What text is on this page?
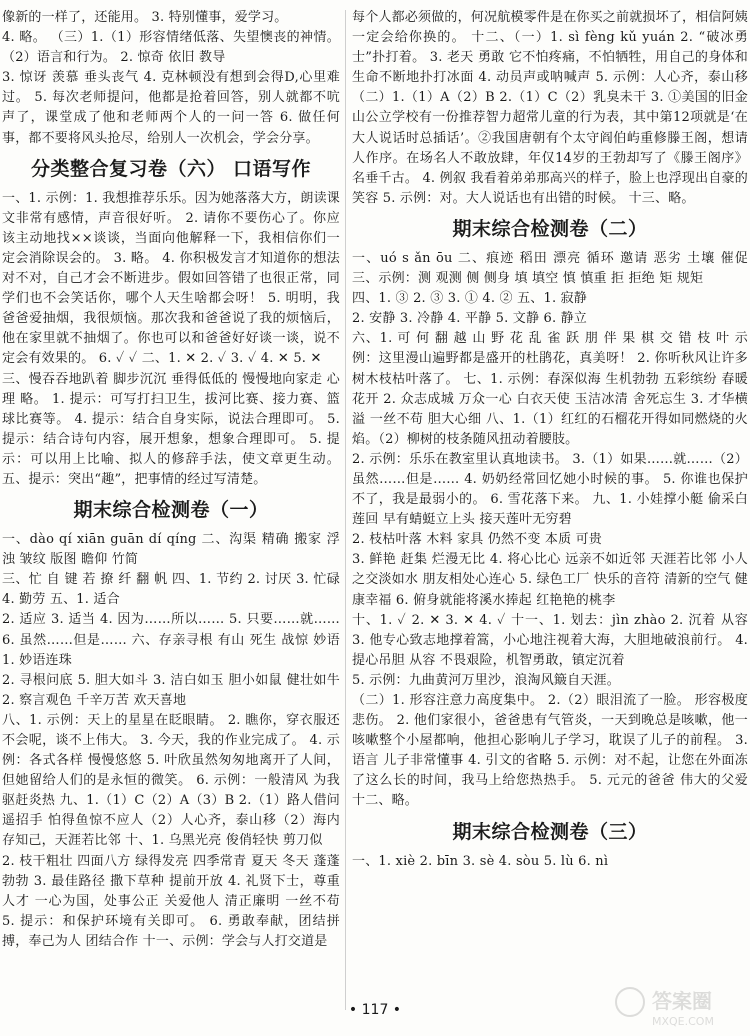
像新的一样了，还能用。 3. 特别懂事，爱学习。

4. 略。 （三）1.（1）形容情绪低落、失望懊丧的神情。（2）语言和行为。 2. 惊奇 依旧 教导

3. 惊讶 羡慕 垂头丧气 4. 克林顿没有想到会得D,心里难过。 5. 每次老师提问，他都是抢着回答，别人就都不吭声了，课堂成了他和老师两个人的一问一答 6. 做任何事，都不要将风头抢尽，给别人一次机会，学会分享。

分类整合复习卷（六） 口语写作

一、1. 示例：1. 我想推荐乐乐。因为她落落大方，朗读课文非常有感情，声音很好听。 2. 请你不要伤心了。你应该主动地找××谈谈，当面向他解释一下，我相信你们一定会消除误会的。 3. 略。 4. 你积极发言才知道你的想法对不对，自己才会不断进步。假如回答错了也很正常，同学们也不会笑话你，哪个人天生啥都会呀！ 5. 明明，我爸爸爱抽烟，我很烦恼。那次我和爸爸说了我的烦恼后，他在家里就不抽烟了。你也可以和爸爸好好谈一谈，说不定会有效果的。 6. ✓ ✓ 二、1. ✕ 2. ✓ 3. ✓ 4. ✕ 5. ✕

三、慢吞吞地趴着 脚步沉沉 垂得低低的 慢慢地向家走 心理 略。 1. 提示：可写打扫卫生，拔河比赛、接力赛、篮球比赛等。 4. 提示：结合自身实际，说法合理即可。 5. 提示：结合诗句内容，展开想象，想象合理即可。 5. 提示：可以用上比喻、拟人的修辞手法，使文章更生动。 五、提示：突出“趣”，把事情的经过写清楚。

期末综合检测卷（一）

一、dào qí xiān guān dí qíng 二、沟渠 精确 搬家 浮浊 皱纹 版图 瞻仰 竹简

三、忙 自 键 若 撩 纤 翻 帆 四、1. 节约 2. 讨厌 3. 忙碌 4. 勤劳 五、1. 适合

2. 适应 3. 适当 4. 因为……所以…… 5. 只要……就…… 6. 虽然……但是…… 六、存亲寻根 有山 死生 战惊 妙语 1. 妙语连珠

2. 寻根问底 5. 胆大如斗 3. 洁白如玉 胆小如鼠 健壮如牛 2. 察言观色 千辛万苦 欢天喜地

八、1. 示例：天上的星星在眨眼睛。 2. 瞧你，穿衣服还不会呢，谈不上伟大。 3. 今天，我的作业完成了。 4. 示例：各式各样 慢慢悠悠 5. 叶欣虽然匆匆地离开了人间，但她留给人们的是永恒的微笑。 6. 示例：一般清风 为我驱赶炎热 九、1.（1）C（2）A（3）B 2.（1）路人借问遥招手 怕得鱼惊不应人（2）人心齐，泰山移（2）海内存知己，天涯若比邻 十、1. 乌黑光亮 俊俏轻快 剪刀似

2. 枝干粗壮 四面八方 绿得发亮 四季常青 夏天 冬天 蓬蓬勃勃 3. 最佳路径 撒下草种 提前开放 4. 礼贤下士，尊重人才 一心为国，处事公正 关爱他人 清正廉明 一丝不苟 5. 提示：和保护环境有关即可。 6. 勇敢奉献，团结拼搏，奉己为人 团结合作 十一、示例：学会与人打交道是

每个人都必须做的，何况航模零件是在你买之前就损坏了，相信阿姨一定会给你换的。 十二、（一）1. sì fèng kǔ yuán 2. “破冰勇士”扑打着。 3. 老天 勇敢 它不怕疼痛，不怕牺牲，用自己的身体和生命不断地扑打冰面 4. 动员声或呐喊声 5. 示例：人心齐，泰山移（二）1.（1）A（2）B 2.（1）C（2）乳臭未干 3. ①美国的旧金山公立学校有一份推荐智力超常儿童的行为表，其中第12项就是‘在大人说话时总插话’。②我国唐朝有个太守阎伯屿重修滕王阁，想请人作序。在场名人不敢放肆，年仅14岁的王勃却写了《滕王阁序》名垂千古。 4. 例叙 我看着弟弟那高兴的样子，脸上也浮现出自豪的笑容 5. 示例：对。大人说话也有出错的时候。 十三、略。

期末综合检测卷（二）

一、uó s ǎn ōu 二、痕迹 稻田 漂亮 循环 邀请 恶劣 土壤 催促 三、示例：测 观测 侧 侧身 填 填空 慎 慎重 拒 拒绝 矩 规矩

四、1. ③ 2. ③ 3. ① 4. ② 五、1. 寂静

2. 安静 3. 冷静 4. 平静 5. 文静 6. 静立

六、1. 可 何 翻 越 山 野 花 乱 雀 跃 朋 伴 果 棋 交 错 枝 叶 示例：这里漫山遍野都是盛开的杜鹃花，真美呀！ 2. 你听秋风让许多树木枝枯叶落了。 七、1. 示例：春深似海 生机勃勃 五彩缤纷 春暖花开 2. 众志成城 万众一心 白衣天使 玉洁冰清 舍死忘生 3. 才华横溢 一丝不苟 胆大心细 八、1.（1）红红的石榴花开得如同燃烧的火焰。（2）柳树的枝条随风扭动着腰肢。

2. 示例：乐乐在教室里认真地读书。 3.（1）如果……就……（2）虽然……但是…… 4. 奶奶经常回忆她小时候的事。 5. 你谁也保护不了，我是最弱小的。 6. 雪花落下来。 九、1. 小娃撑小艇 偷采白莲回 早有蜻蜓立上头 接天莲叶无穷碧

2. 枝枯叶落 木料 家具 仍然不变 本质 可贵

3. 鲜艳 赶集 烂漫无比 4. 将心比心 远亲不如近邻 天涯若比邻 小人之交淡如水 朋友相处心连心 5. 绿色工厂 快乐的音符 清新的空气 健康幸福 6. 俯身就能将溪水捧起 红艳艳的桃李

十、1. ✓ 2. ✕ 3. ✕ 4. ✓ 十一、1. 划去：jìn zhào 2. 沉着 从容 3. 他专心致志地撑着篙，小心地注视着大海，大胆地破浪前行。 4. 提心吊胆 从容 不畏艰险，机智勇敢，镇定沉着

5. 示例：九曲黄河万里沙，浪淘风簸自天涯。

（二）1. 形容注意力高度集中。 2.（2）眼泪流了一脸。 形容极度悲伤。 2. 他们家很小，爸爸患有气管炎，一天到晚总是咳嗽，他一咳嗽整个小屋都响，他担心影响儿子学习，耽误了儿子的前程。 3. 语言 儿子非常懂事 4. 引文的省略 5. 示例：对不起，让您在外面冻了这么长的时间，我马上给您热热手。 5. 元元的爸爸 伟大的父爱 十二、略。

期末综合检测卷（三）

一、1. xiè 2. bīn 3. sè 4. sòu 5. lù 6. nì

• 117 •	答案圈
MXQE.COM
